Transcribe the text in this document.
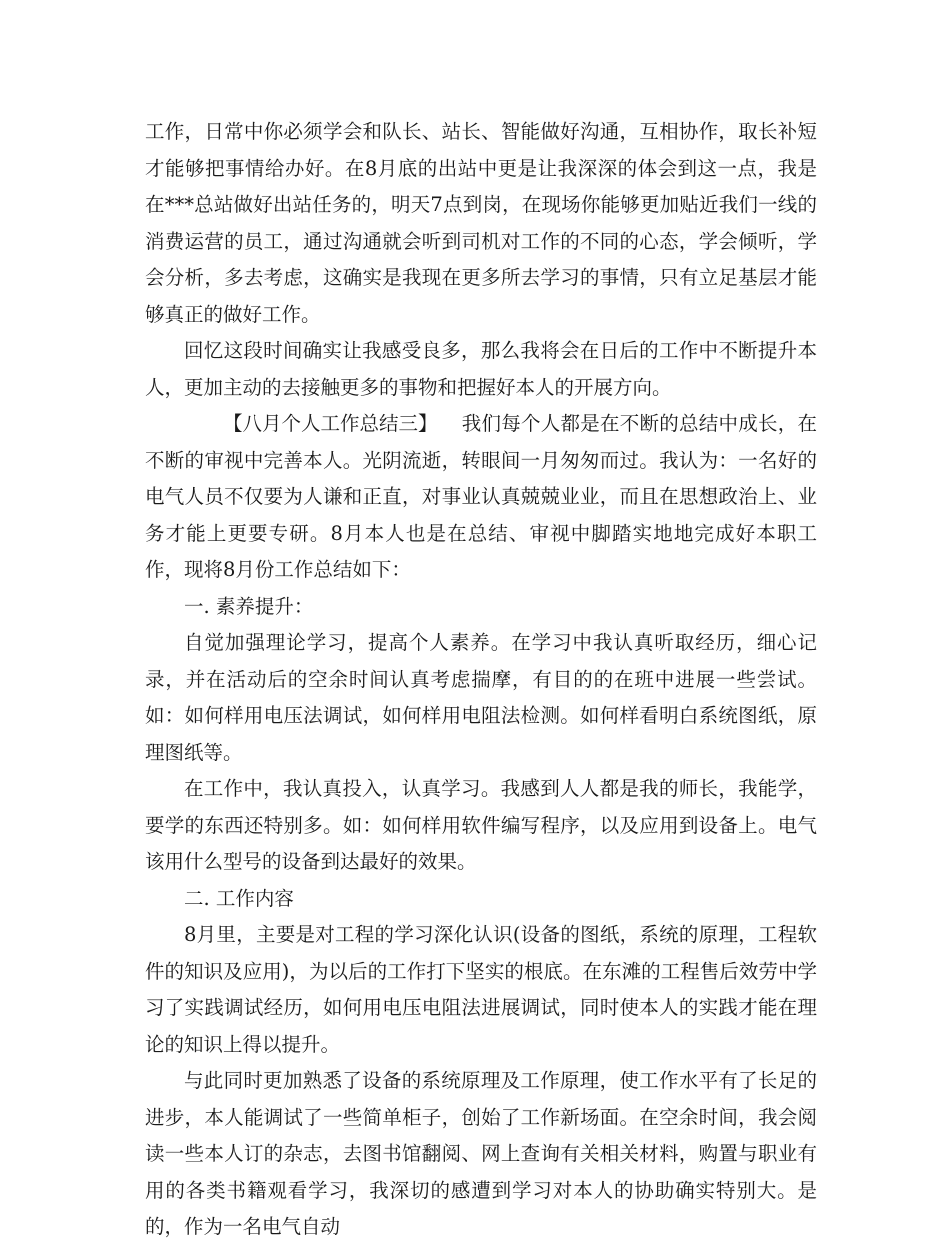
工作，日常中你必须学会和队长、站长、智能做好沟通，互相协作，取长补短才能够把事情给办好。在8月底的出站中更是让我深深的体会到这一点，我是在***总站做好出站任务的，明天7点到岗，在现场你能够更加贴近我们一线的消费运营的员工，通过沟通就会听到司机对工作的不同的心态，学会倾听，学会分析，多去考虑，这确实是我现在更多所去学习的事情，只有立足基层才能够真正的做好工作。

回忆这段时间确实让我感受良多，那么我将会在日后的工作中不断提升本人，更加主动的去接触更多的事物和把握好本人的开展方向。

【八月个人工作总结三】 我们每个人都是在不断的总结中成长，在不断的审视中完善本人。光阴流逝，转眼间一月匆匆而过。我认为：一名好的电气人员不仅要为人谦和正直，对事业认真兢兢业业，而且在思想政治上、业务才能上更要专研。8月本人也是在总结、审视中脚踏实地地完成好本职工作，现将8月份工作总结如下：

一. 素养提升：

自觉加强理论学习，提高个人素养。在学习中我认真听取经历，细心记录，并在活动后的空余时间认真考虑揣摩，有目的的在班中进展一些尝试。如：如何样用电压法调试，如何样用电阻法检测。如何样看明白系统图纸，原理图纸等。

在工作中，我认真投入，认真学习。我感到人人都是我的师长，我能学，要学的东西还特别多。如：如何样用软件编写程序，以及应用到设备上。电气该用什么型号的设备到达最好的效果。

二. 工作内容

8月里，主要是对工程的学习深化认识(设备的图纸，系统的原理，工程软件的知识及应用)，为以后的工作打下坚实的根底。在东滩的工程售后效劳中学习了实践调试经历，如何用电压电阻法进展调试，同时使本人的实践才能在理论的知识上得以提升。

与此同时更加熟悉了设备的系统原理及工作原理，使工作水平有了长足的进步，本人能调试了一些简单柜子，创始了工作新场面。在空余时间，我会阅读一些本人订的杂志，去图书馆翻阅、网上查询有关相关材料，购置与职业有用的各类书籍观看学习，我深切的感遭到学习对本人的协助确实特别大。是的，作为一名电气自动
